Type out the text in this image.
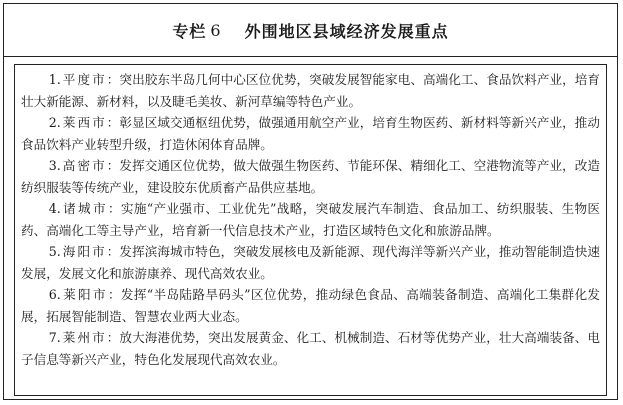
专栏 6 外围地区县域经济发展重点

1. 平度市：突出胶东半岛几何中心区位优势，突破发展智能家电、高端化工、食品饮料产业，培育壮大新能源、新材料，以及睫毛美妆、新河草编等特色产业。

2. 莱西市：彰显区域交通枢纽优势，做强通用航空产业，培育生物医药、新材料等新兴产业，推动食品饮料产业转型升级，打造休闲体育品牌。

3. 高密市：发挥交通区位优势，做大做强生物医药、节能环保、精细化工、空港物流等产业，改造纺织服装等传统产业，建设胶东优质畜产品供应基地。

4. 诸城市：实施“产业强市、工业优先”战略，突破发展汽车制造、食品加工、纺织服装、生物医药、高端化工等主导产业，培育新一代信息技术产业，打造区域特色文化和旅游品牌。

5. 海阳市：发挥滨海城市特色，突破发展核电及新能源、现代海洋等新兴产业，推动智能制造快速发展，发展文化和旅游康养、现代高效农业。

6. 莱阳市：发挥“半岛陆路旱码头”区位优势，推动绿色食品、高端装备制造、高端化工集群化发展，拓展智能制造、智慧农业两大业态。

7. 莱州市：放大海港优势，突出发展黄金、化工、机械制造、石材等优势产业，壮大高端装备、电子信息等新兴产业，特色化发展现代高效农业。
